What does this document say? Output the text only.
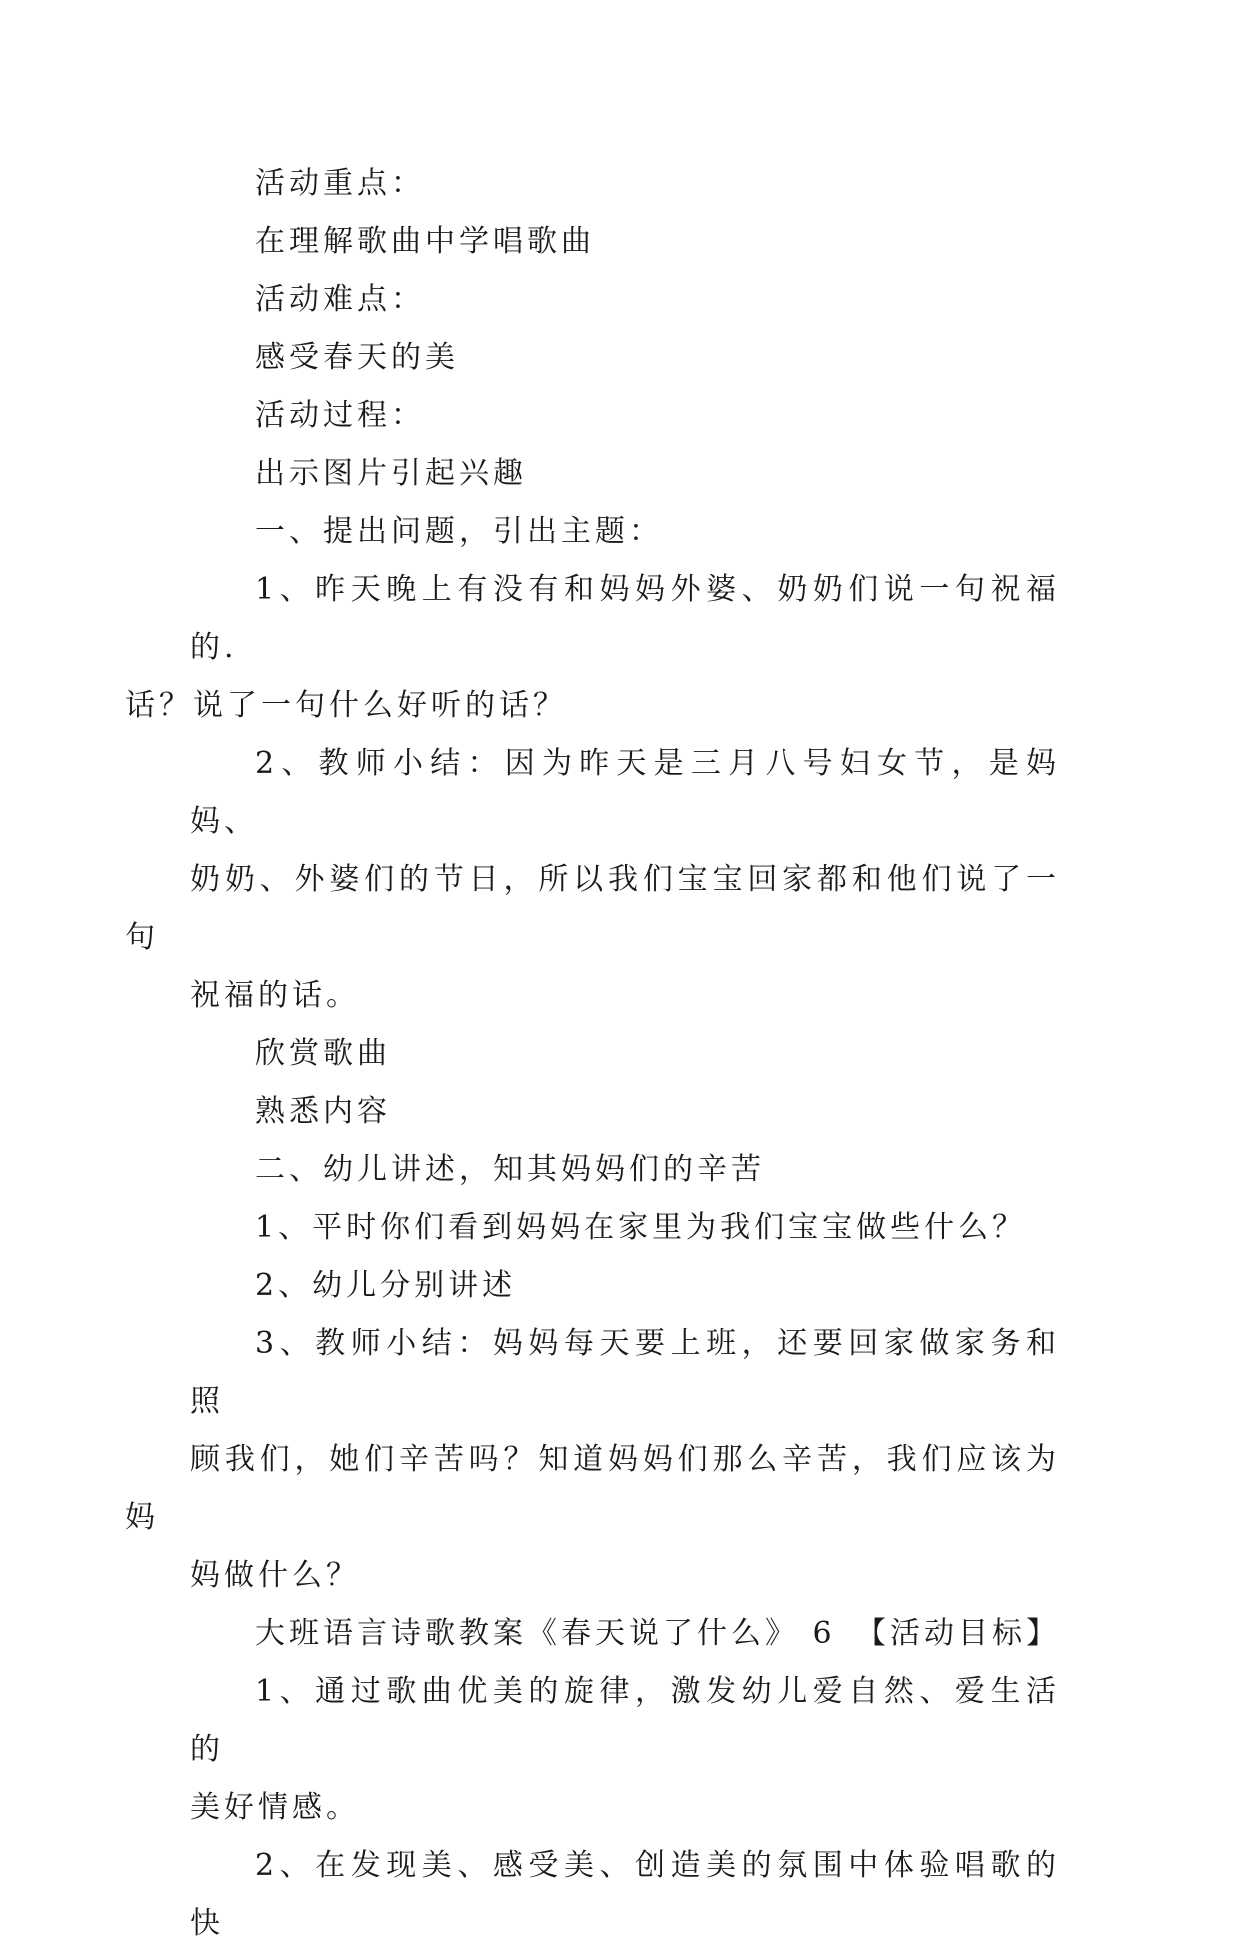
活动重点：

在理解歌曲中学唱歌曲

活动难点：

感受春天的美

活动过程：

出示图片引起兴趣

一、提出问题，引出主题：

1、昨天晚上有没有和妈妈外婆、奶奶们说一句祝福的.
话？说了一句什么好听的话？

2、教师小结：因为昨天是三月八号妇女节，是妈妈、
奶奶、外婆们的节日，所以我们宝宝回家都和他们说了一句
祝福的话。

欣赏歌曲

熟悉内容

二、幼儿讲述，知其妈妈们的辛苦

1、平时你们看到妈妈在家里为我们宝宝做些什么？

2、幼儿分别讲述

3、教师小结：妈妈每天要上班，还要回家做家务和照
顾我们，她们辛苦吗？知道妈妈们那么辛苦，我们应该为妈
妈做什么？

大班语言诗歌教案《春天说了什么》 6 【活动目标】

1、通过歌曲优美的旋律，激发幼儿爱自然、爱生活的
美好情感。

2、在发现美、感受美、创造美的氛围中体验唱歌的快
